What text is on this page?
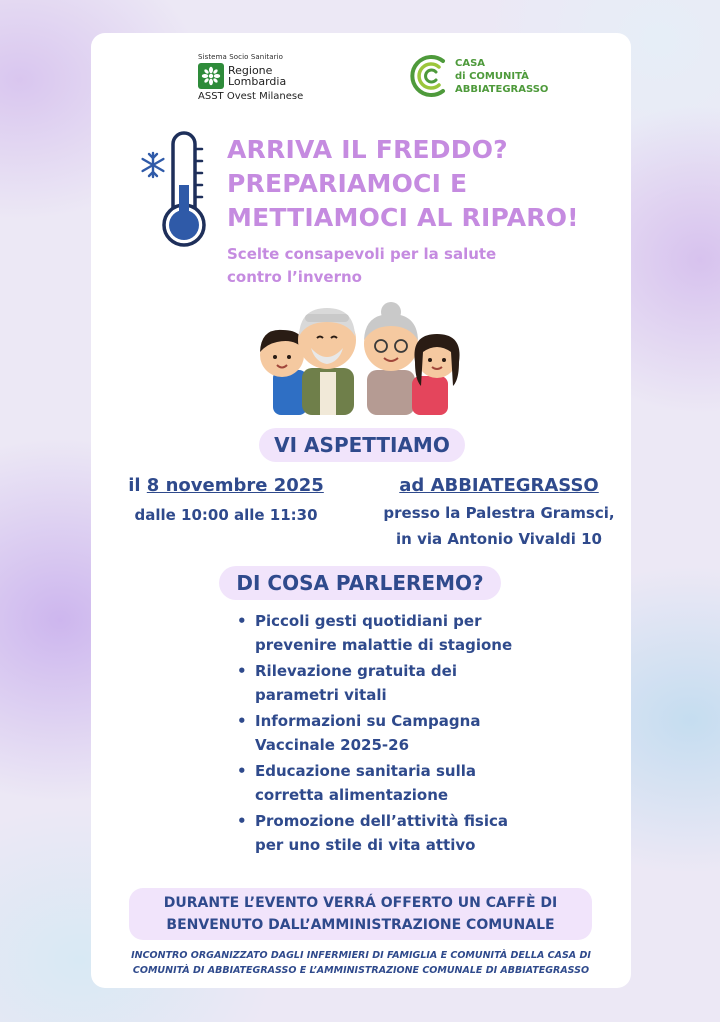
Sistema Socio Sanitario
Regione
Lombardia
ASST Ovest Milanese
CASA
di COMUNITÀ
ABBIATEGRASSO
ARRIVA IL FREDDO?
PREPARIAMOCI E
METTIAMOCI AL RIPARO!
Scelte consapevoli per la salute
contro l’inverno
VI ASPETTIAMO
il 8 novembre 2025
dalle 10:00 alle 11:30
ad ABBIATEGRASSO
presso la Palestra Gramsci,
in via Antonio Vivaldi 10
DI COSA PARLEREMO?
• Piccoli gesti quotidiani per
prevenire malattie di stagione
• Rilevazione gratuita dei
parametri vitali
• Informazioni su Campagna
Vaccinale 2025-26
• Educazione sanitaria sulla
corretta alimentazione
• Promozione dell’attività fisica
per uno stile di vita attivo
DURANTE L’EVENTO VERRÁ OFFERTO UN CAFFÈ DI
BENVENUTO DALL’AMMINISTRAZIONE COMUNALE
INCONTRO ORGANIZZATO DAGLI INFERMIERI DI FAMIGLIA E COMUNITÀ DELLA CASA DI
COMUNITÀ DI ABBIATEGRASSO E L’AMMINISTRAZIONE COMUNALE DI ABBIATEGRASSO
